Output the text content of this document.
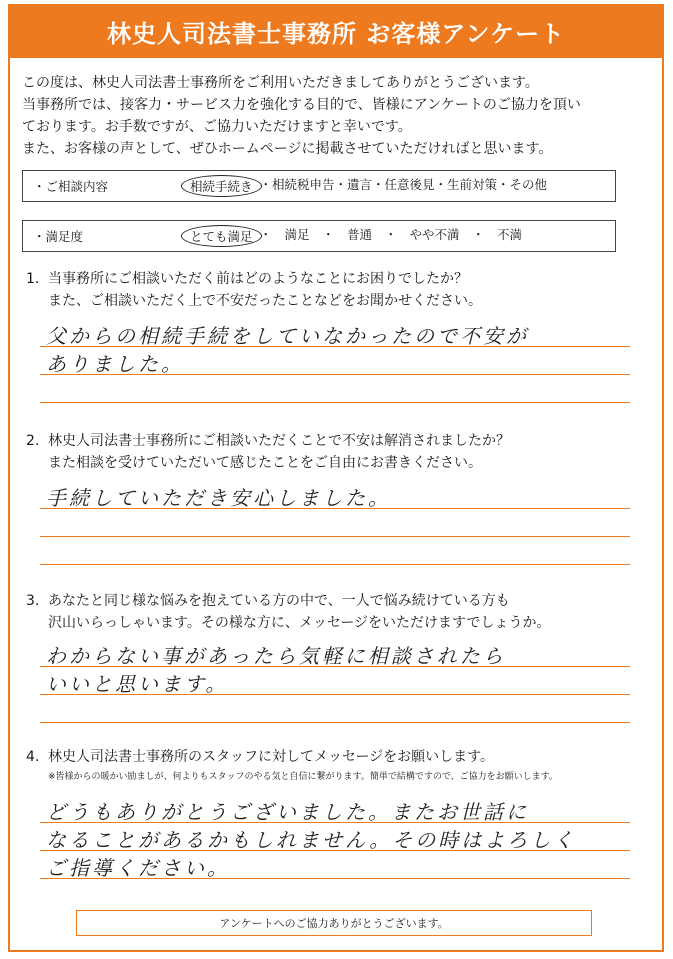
林史人司法書士事務所 お客様アンケート

この度は、林史人司法書士事務所をご利用いただきましてありがとうございます。

当事務所では、接客力・サービス力を強化する目的で、皆様にアンケートのご協力を頂い

ております。お手数ですが、ご協力いただけますと幸いです。

また、お客様の声として、ぜひホームページに掲載させていただければと思います。

・ご相談内容	相続手続き ・相続税申告・遺言・任意後見・生前対策・その他
・満足度	とても満足 ・　満足　・　普通　・　やや不満　・　不満
1. 当事務所にご相談いただく前はどのようなことにお困りでしたか？
また、ご相談いただく上で不安だったことなどをお聞かせください。
父からの相続手続をしていなかったので不安が
ありました。
2. 林史人司法書士事務所にご相談いただくことで不安は解消されましたか？
また相談を受けていただいて感じたことをご自由にお書きください。
手続していただき安心しました。
3. あなたと同じ様な悩みを抱えている方の中で、一人で悩み続けている方も
沢山いらっしゃいます。その様な方に、メッセージをいただけますでしょうか。
わからない事があったら気軽に相談されたら
いいと思います。
4. 林史人司法書士事務所のスタッフに対してメッセージをお願いします。
※皆様からの暖かい励ましが、何よりもスタッフのやる気と自信に繋がります。簡単で結構ですので、ご協力をお願いします。
どうもありがとうございました。またお世話に
なることがあるかもしれません。その時はよろしく
ご指導ください。
アンケートへのご協力ありがとうございます。
